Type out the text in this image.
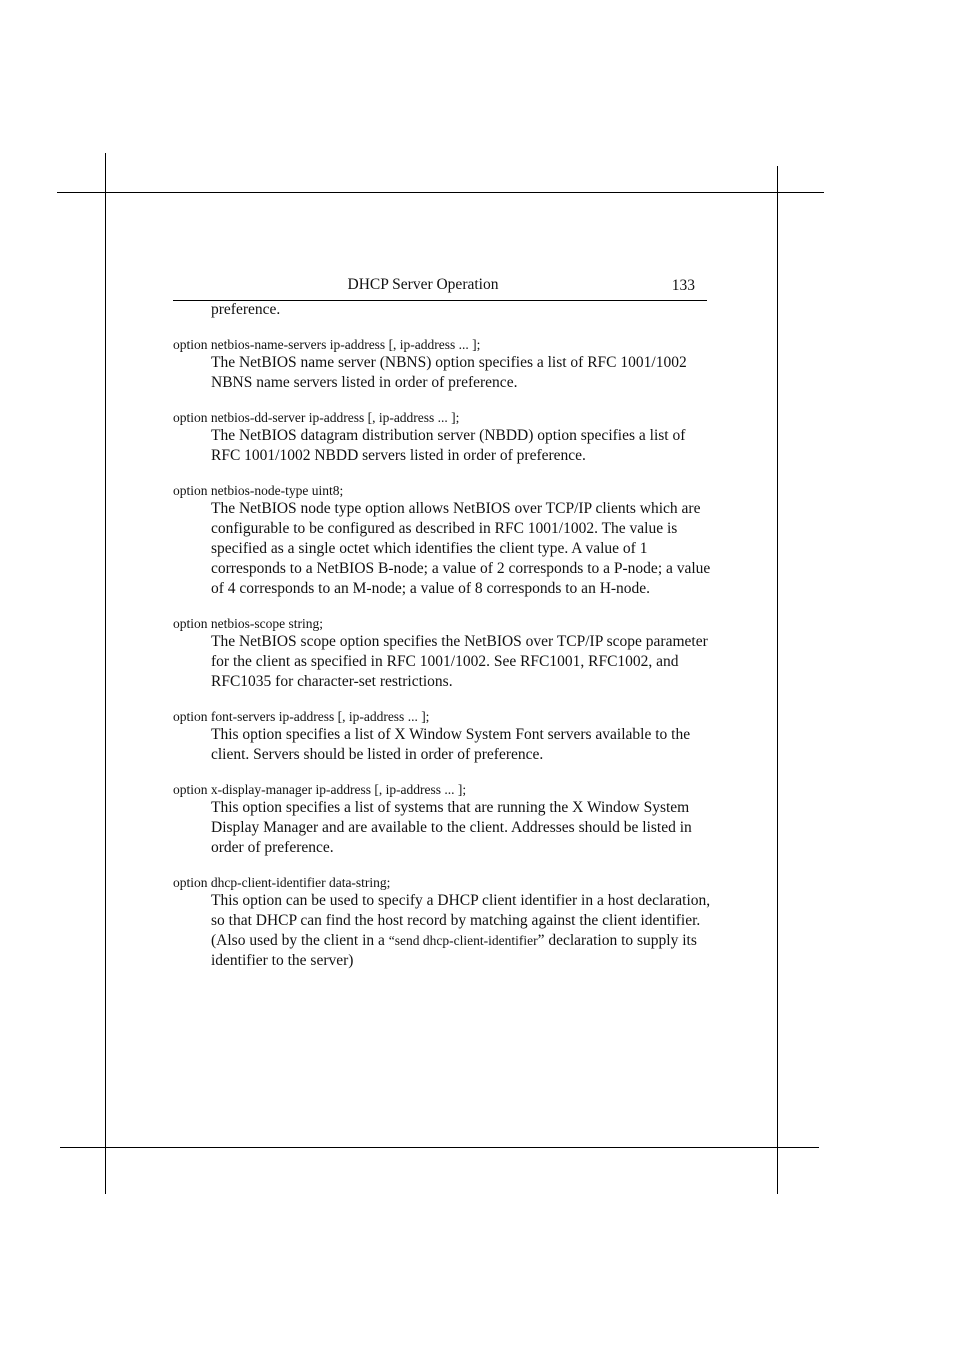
DHCP Server Operation	133
preference.
option netbios-name-servers ip-address [, ip-address ... ];
The NetBIOS name server (NBNS) option specifies a list of RFC 1001/1002 NBNS name servers listed in order of preference.
option netbios-dd-server ip-address [, ip-address ... ];
The NetBIOS datagram distribution server (NBDD) option specifies a list of RFC 1001/1002 NBDD servers listed in order of preference.
option netbios-node-type uint8;
The NetBIOS node type option allows NetBIOS over TCP/IP clients which are configurable to be configured as described in RFC 1001/1002. The value is specified as a single octet which identifies the client type. A value of 1 corresponds to a NetBIOS B-node; a value of 2 corresponds to a P-node; a value of 4 corresponds to an M-node; a value of 8 corresponds to an H-node.
option netbios-scope string;
The NetBIOS scope option specifies the NetBIOS over TCP/IP scope parameter for the client as specified in RFC 1001/1002. See RFC1001, RFC1002, and RFC1035 for character-set restrictions.
option font-servers ip-address [, ip-address ... ];
This option specifies a list of X Window System Font servers available to the client. Servers should be listed in order of preference.
option x-display-manager ip-address [, ip-address ... ];
This option specifies a list of systems that are running the X Window System Display Manager and are available to the client. Addresses should be listed in order of preference.
option dhcp-client-identifier data-string;
This option can be used to specify a DHCP client identifier in a host declaration, so that DHCP can find the host record by matching against the client identifier. (Also used by the client in a “send dhcp-client-identifier” declaration to supply its identifier to the server)
